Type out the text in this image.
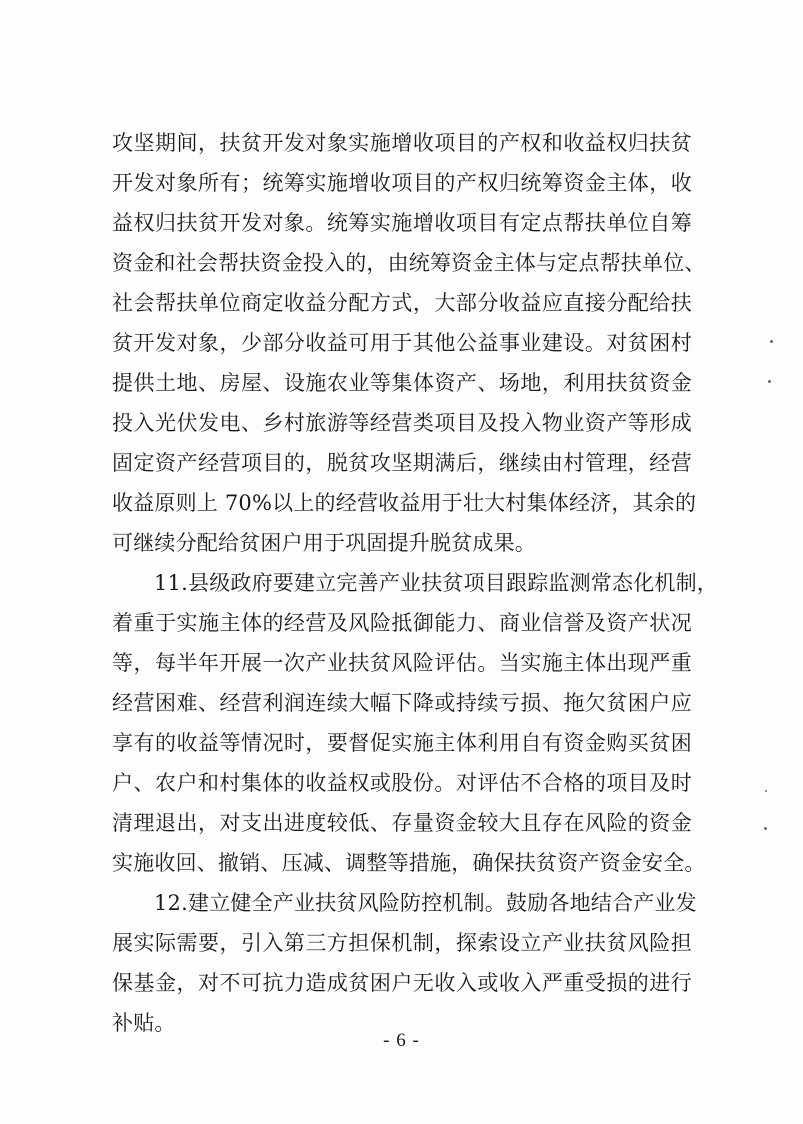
攻坚期间，扶贫开发对象实施增收项目的产权和收益权归扶贫
开发对象所有；统筹实施增收项目的产权归统筹资金主体，收
益权归扶贫开发对象。统筹实施增收项目有定点帮扶单位自筹
资金和社会帮扶资金投入的，由统筹资金主体与定点帮扶单位、
社会帮扶单位商定收益分配方式，大部分收益应直接分配给扶
贫开发对象，少部分收益可用于其他公益事业建设。对贫困村
提供土地、房屋、设施农业等集体资产、场地，利用扶贫资金
投入光伏发电、乡村旅游等经营类项目及投入物业资产等形成
固定资产经营项目的，脱贫攻坚期满后，继续由村管理，经营
收益原则上 70%以上的经营收益用于壮大村集体经济，其余的
可继续分配给贫困户用于巩固提升脱贫成果。
11.县级政府要建立完善产业扶贫项目跟踪监测常态化机制，
着重于实施主体的经营及风险抵御能力、商业信誉及资产状况
等，每半年开展一次产业扶贫风险评估。当实施主体出现严重
经营困难、经营利润连续大幅下降或持续亏损、拖欠贫困户应
享有的收益等情况时，要督促实施主体利用自有资金购买贫困
户、农户和村集体的收益权或股份。对评估不合格的项目及时
清理退出，对支出进度较低、存量资金较大且存在风险的资金
实施收回、撤销、压减、调整等措施，确保扶贫资产资金安全。
12.建立健全产业扶贫风险防控机制。鼓励各地结合产业发
展实际需要，引入第三方担保机制，探索设立产业扶贫风险担
保基金，对不可抗力造成贫困户无收入或收入严重受损的进行
补贴。
- 6 -
